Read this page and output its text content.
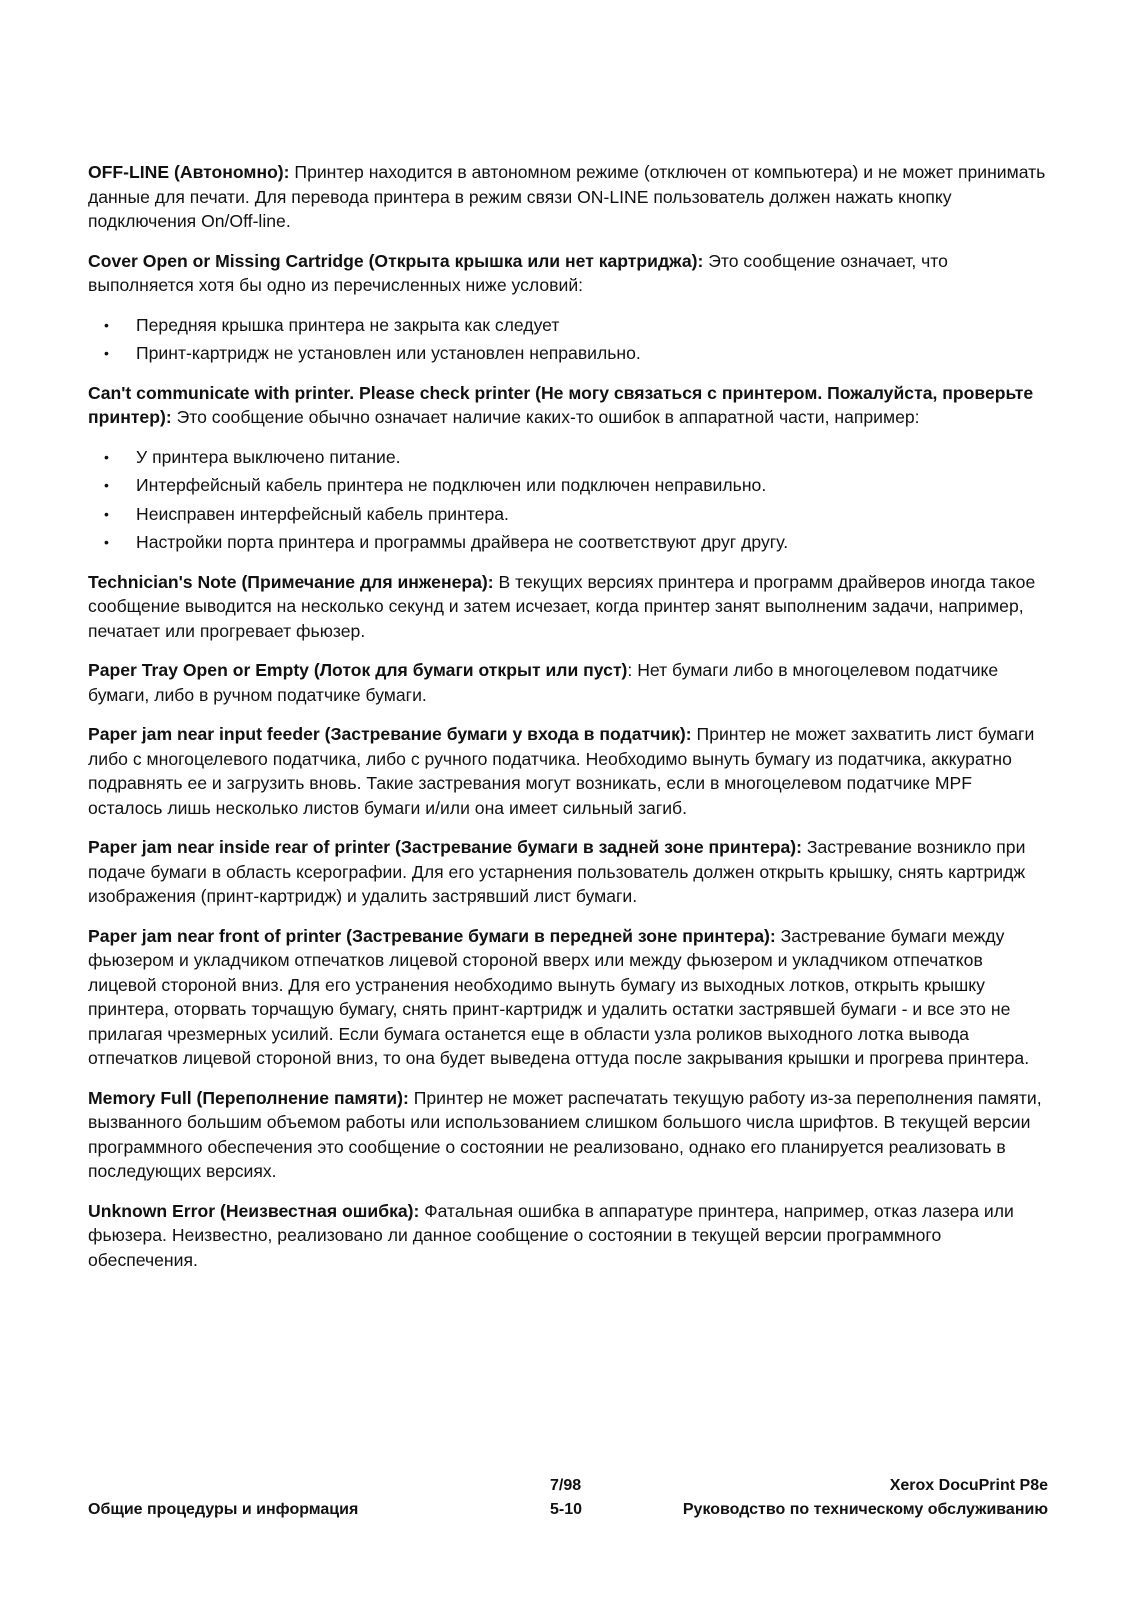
OFF-LINE (Автономно): Принтер находится в автономном режиме (отключен от компьютера) и не может принимать данные для печати. Для перевода принтера в режим связи ON-LINE пользователь должен нажать кнопку подключения On/Off-line.

Cover Open or Missing Cartridge (Открыта крышка или нет картриджа): Это сообщение означает, что выполняется хотя бы одно из перечисленных ниже условий:

• Передняя крышка принтера не закрыта как следует
• Принт-картридж не установлен или установлен неправильно.

Can't communicate with printer. Please check printer (Не могу связаться с принтером. Пожалуйста, проверьте принтер): Это сообщение обычно означает наличие каких-то ошибок в аппаратной части, например:

• У принтера выключено питание.
• Интерфейсный кабель принтера не подключен или подключен неправильно.
• Неисправен интерфейсный кабель принтера.
• Настройки порта принтера и программы драйвера не соответствуют друг другу.

Technician's Note (Примечание для инженера): В текущих версиях принтера и программ драйверов иногда такое сообщение выводится на несколько секунд и затем исчезает, когда принтер занят выполненим задачи, например, печатает или прогревает фьюзер.

Paper Tray Open or Empty (Лоток для бумаги открыт или пуст): Нет бумаги либо в многоцелевом податчике бумаги, либо в ручном податчике бумаги.

Paper jam near input feeder (Застревание бумаги у входа в податчик): Принтер не может захватить лист бумаги либо с многоцелевого податчика, либо с ручного податчика. Необходимо вынуть бумагу из податчика, аккуратно подравнять ее и загрузить вновь. Такие застревания могут возникать, если в многоцелевом податчике MPF осталось лишь несколько листов бумаги и/или она имеет сильный загиб.

Paper jam near inside rear of printer (Застревание бумаги в задней зоне принтера): Застревание возникло при подаче бумаги в область ксерографии. Для его устарнения пользователь должен открыть крышку, снять картридж изображения (принт-картридж) и удалить застрявший лист бумаги.

Paper jam near front of printer (Застревание бумаги в передней зоне принтера): Застревание бумаги между фьюзером и укладчиком отпечатков лицевой стороной вверх или между фьюзером и укладчиком отпечатков лицевой стороной вниз. Для его устранения необходимо вынуть бумагу из выходных лотков, открыть крышку принтера, оторвать торчащую бумагу, снять принт-картридж и удалить остатки застрявшей бумаги - и все это не прилагая чрезмерных усилий. Если бумага останется еще в области узла роликов выходного лотка вывода отпечатков лицевой стороной вниз, то она будет выведена оттуда после закрывания крышки и прогрева принтера.

Memory Full (Переполнение памяти): Принтер не может распечатать текущую работу из-за переполнения памяти, вызванного большим объемом работы или использованием слишком большого числа шрифтов. В текущей версии программного обеспечения это сообщение о состоянии не реализовано, однако его планируется реализовать в последующих версиях.

Unknown Error (Неизвестная ошибка): Фатальная ошибка в аппаратуре принтера, например, отказ лазера или фьюзера. Неизвестно, реализовано ли данное сообщение о состоянии в текущей версии программного обеспечения.

7/98	Xerox DocuPrint P8e
Общие процедуры и информация	5-10	Руководство по техническому обслуживанию
